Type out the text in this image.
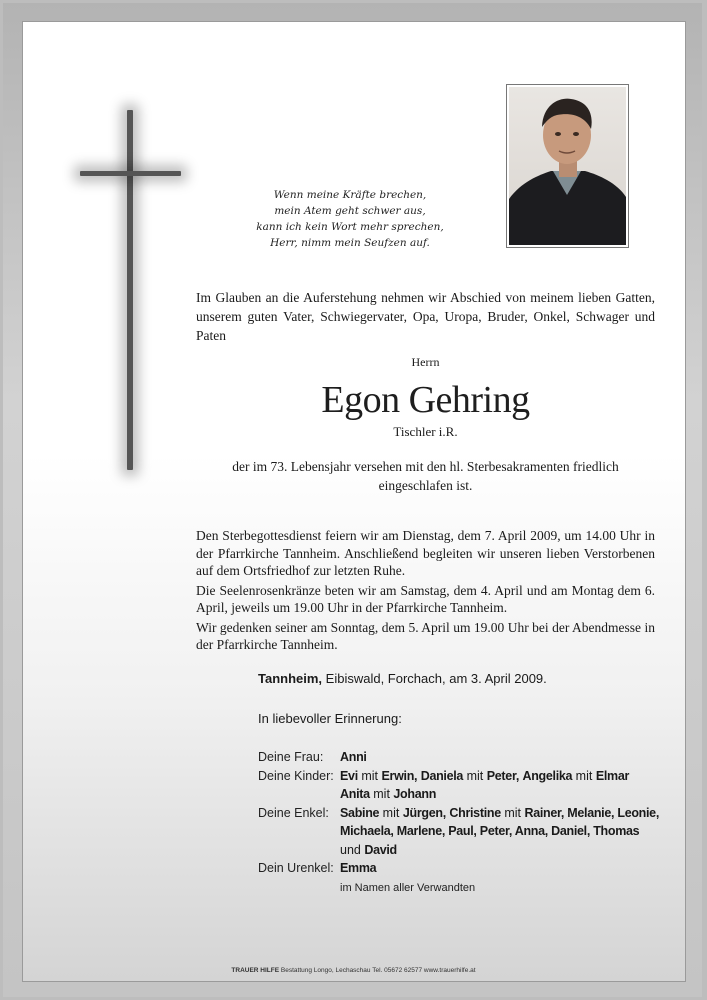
Wenn meine Kräfte brechen,
mein Atem geht schwer aus,
kann ich kein Wort mehr sprechen,
Herr, nimm mein Seufzen auf.
Im Glauben an die Auferstehung nehmen wir Abschied von meinem lieben Gatten, unserem guten Vater, Schwiegervater, Opa, Uropa, Bruder, Onkel, Schwager und Paten
Herrn
Egon Gehring
Tischler i.R.
der im 73. Lebensjahr versehen mit den hl. Sterbesakramenten friedlich eingeschlafen ist.

Den Sterbegottesdienst feiern wir am Dienstag, dem 7. April 2009, um 14.00 Uhr in der Pfarrkirche Tannheim. Anschließend begleiten wir unseren lieben Verstorbenen auf dem Ortsfriedhof zur letzten Ruhe.

Die Seelenrosenkränze beten wir am Samstag, dem 4. April und am Montag dem 6. April, jeweils um 19.00 Uhr in der Pfarrkirche Tannheim.

Wir gedenken seiner am Sonntag, dem 5. April um 19.00 Uhr bei der Abendmesse in der Pfarrkirche Tannheim.

Tannheim, Eibiswald, Forchach, am 3. April 2009.
In liebevoller Erinnerung:
Deine Frau:	Anni
Deine Kinder: Evi mit Erwin, Daniela mit Peter, Angelika mit Elmar
Anita mit Johann
Deine Enkel: Sabine mit Jürgen, Christine mit Rainer, Melanie, Leonie,
Michaela, Marlene, Paul, Peter, Anna, Daniel, Thomas
und David
Dein Urenkel: Emma
im Namen aller Verwandten
TRAUER HILFE Bestattung Longo, Lechaschau Tel. 05672 62577 www.trauerhilfe.at
